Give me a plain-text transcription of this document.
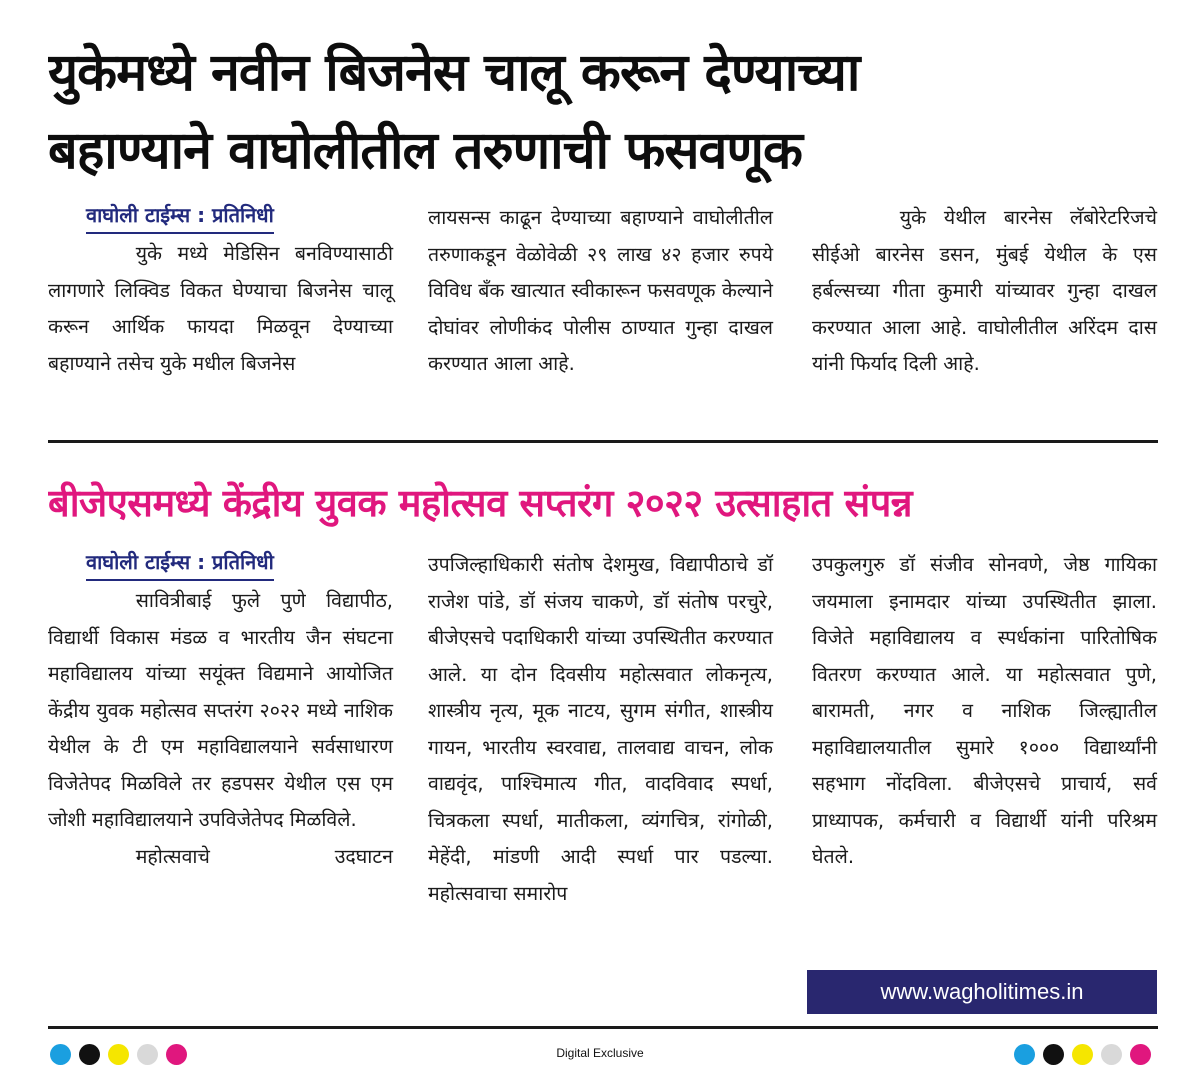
युकेमध्ये नवीन बिजनेस चालू करून देण्याच्या
बहाण्याने वाघोलीतील तरुणाची फसवणूक
वाघोली टाईम्स : प्रतिनिधी

युके मध्ये मेडिसिन बनविण्यासाठी लागणारे लिक्विड विकत घेण्याचा बिजनेस चालू करून आर्थिक फायदा मिळवून देण्याच्या बहाण्याने तसेच युके मधील बिजनेस

लायसन्स काढून देण्याच्या बहाण्याने वाघोलीतील तरुणाकडून वेळोवेळी २९ लाख ४२ हजार रुपये विविध बँक खात्यात स्वीकारून फसवणूक केल्याने दोघांवर लोणीकंद पोलीस ठाण्यात गुन्हा दाखल करण्यात आला आहे.

युके येथील बारनेस लॅबोरेटरिजचे सीईओ बारनेस डसन, मुंबई येथील के एस हर्बल्सच्या गीता कुमारी यांच्यावर गुन्हा दाखल करण्यात आला आहे. वाघोलीतील अरिंदम दास यांनी फिर्याद दिली आहे.

बीजेएसमध्ये केंद्रीय युवक महोत्सव सप्तरंग २०२२ उत्साहात संपन्न
वाघोली टाईम्स : प्रतिनिधी

सावित्रीबाई फुले पुणे विद्यापीठ, विद्यार्थी विकास मंडळ व भारतीय जैन संघटना महाविद्यालय यांच्या सयूंक्त विद्यमाने आयोजित केंद्रीय युवक महोत्सव सप्तरंग २०२२ मध्ये नाशिक येथील के टी एम महाविद्यालयाने सर्वसाधारण विजेतेपद मिळविले तर हडपसर येथील एस एम जोशी महाविद्यालयाने उपविजेतेपद मिळविले.

महोत्सवाचे उदघाटन

उपजिल्हाधिकारी संतोष देशमुख, विद्यापीठाचे डॉ राजेश पांडे, डॉ संजय चाकणे, डॉ संतोष परचुरे, बीजेएसचे पदाधिकारी यांच्या उपस्थितीत करण्यात आले. या दोन दिवसीय महोत्सवात लोकनृत्य, शास्त्रीय नृत्य, मूक नाटय, सुगम संगीत, शास्त्रीय गायन, भारतीय स्वरवाद्य, तालवाद्य वाचन, लोक वाद्यवृंद, पाश्चिमात्य गीत, वादविवाद स्पर्धा, चित्रकला स्पर्धा, मातीकला, व्यंगचित्र, रांगोळी, मेहेंदी, मांडणी आदी स्पर्धा पार पडल्या. महोत्सवाचा समारोप

उपकुलगुरु डॉ संजीव सोनवणे, जेष्ठ गायिका जयमाला इनामदार यांच्या उपस्थितीत झाला. विजेते महाविद्यालय व स्पर्धकांना पारितोषिक वितरण करण्यात आले. या महोत्सवात पुणे, बारामती, नगर व नाशिक जिल्ह्यातील महाविद्यालयातील सुमारे १००० विद्यार्थ्यांनी सहभाग नोंदविला. बीजेएसचे प्राचार्य, सर्व प्राध्यापक, कर्मचारी व विद्यार्थी यांनी परिश्रम घेतले.

www.wagholitimes.in
Digital Exclusive
